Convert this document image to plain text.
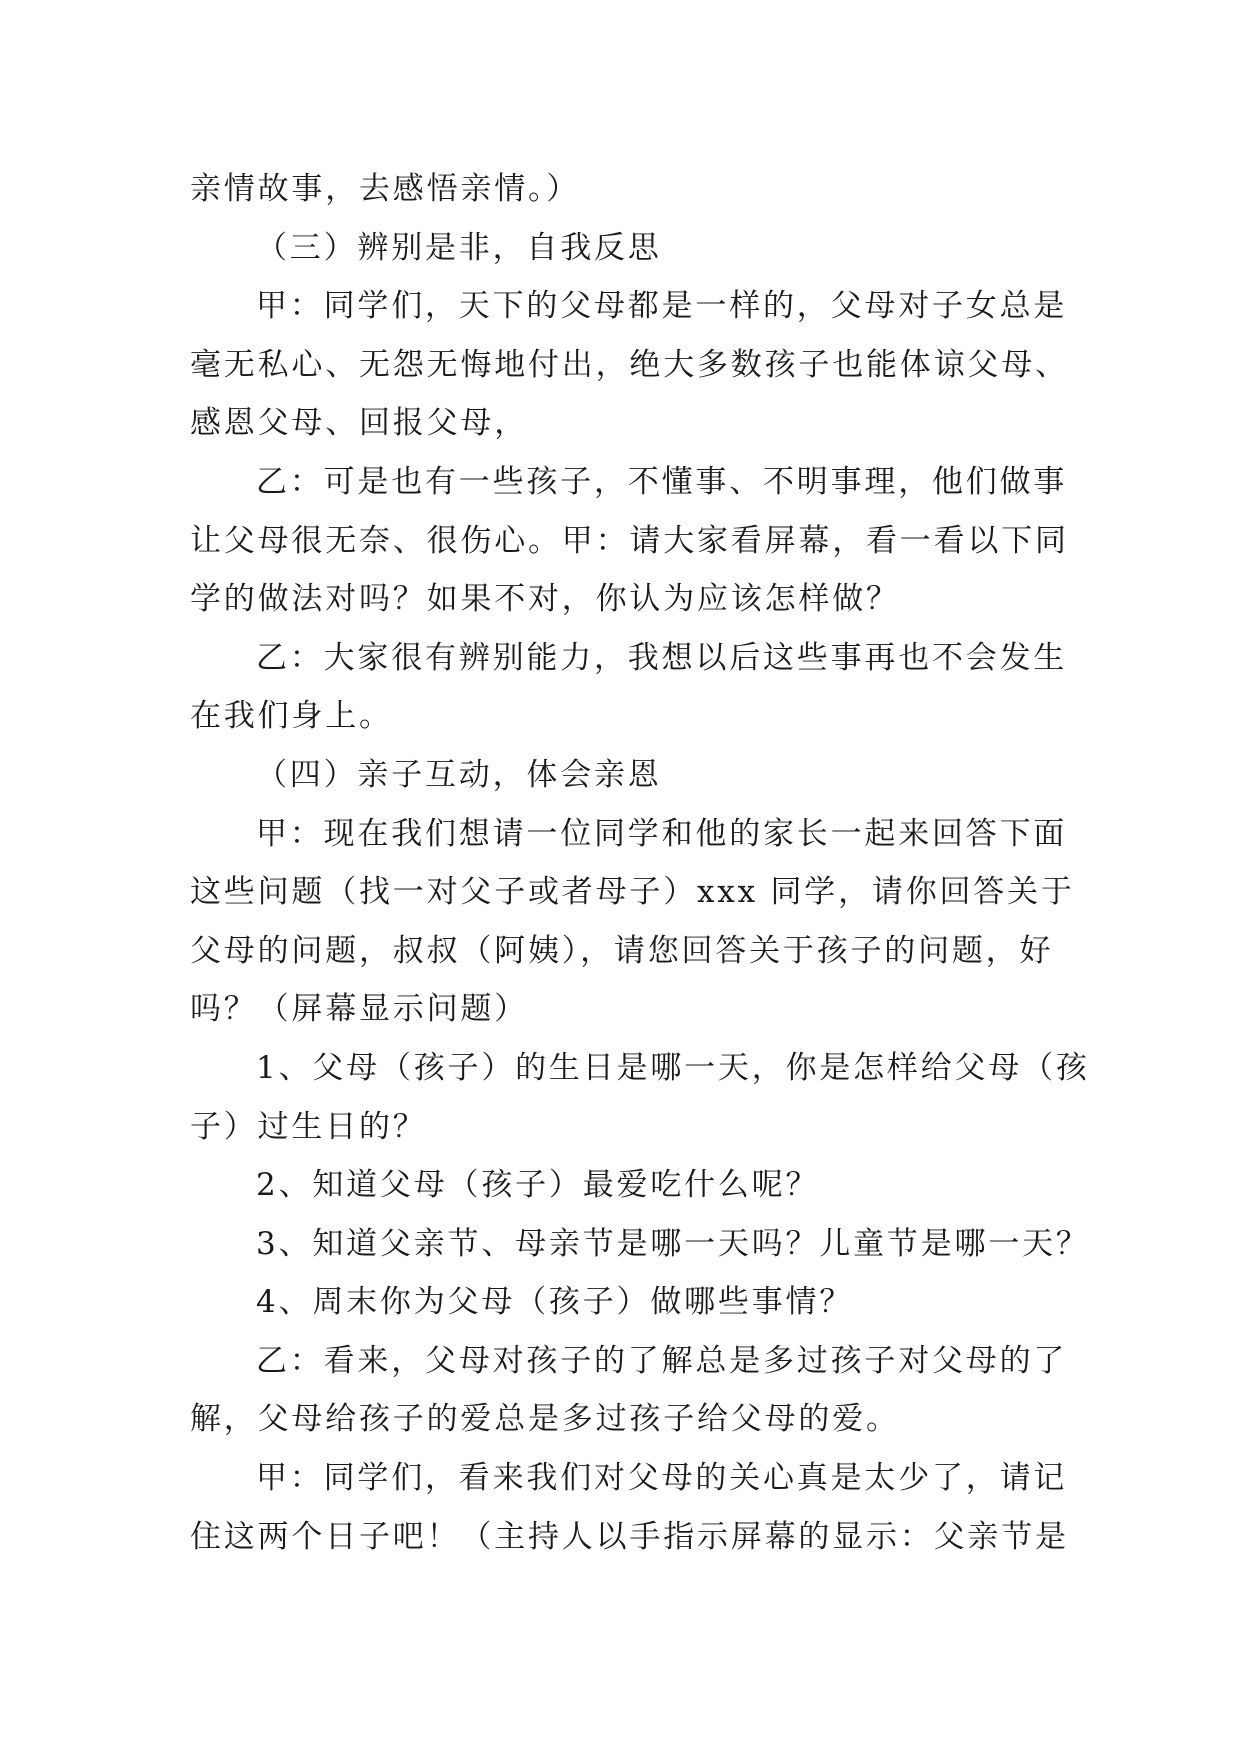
亲情故事，去感悟亲情。）
（三）辨别是非，自我反思
甲：同学们，天下的父母都是一样的，父母对子女总是
毫无私心、无怨无悔地付出，绝大多数孩子也能体谅父母、
感恩父母、回报父母，
乙：可是也有一些孩子，不懂事、不明事理，他们做事
让父母很无奈、很伤心。甲：请大家看屏幕，看一看以下同
学的做法对吗？如果不对，你认为应该怎样做？
乙：大家很有辨别能力，我想以后这些事再也不会发生
在我们身上。
（四）亲子互动，体会亲恩
甲：现在我们想请一位同学和他的家长一起来回答下面
这些问题（找一对父子或者母子）xxx 同学，请你回答关于
父母的问题，叔叔（阿姨），请您回答关于孩子的问题，好
吗？（屏幕显示问题）
1、父母（孩子）的生日是哪一天，你是怎样给父母（孩
子）过生日的？
2、知道父母（孩子）最爱吃什么呢？
3、知道父亲节、母亲节是哪一天吗？儿童节是哪一天？
4、周末你为父母（孩子）做哪些事情？
乙：看来，父母对孩子的了解总是多过孩子对父母的了
解，父母给孩子的爱总是多过孩子给父母的爱。
甲：同学们，看来我们对父母的关心真是太少了，请记
住这两个日子吧！（主持人以手指示屏幕的显示：父亲节是
